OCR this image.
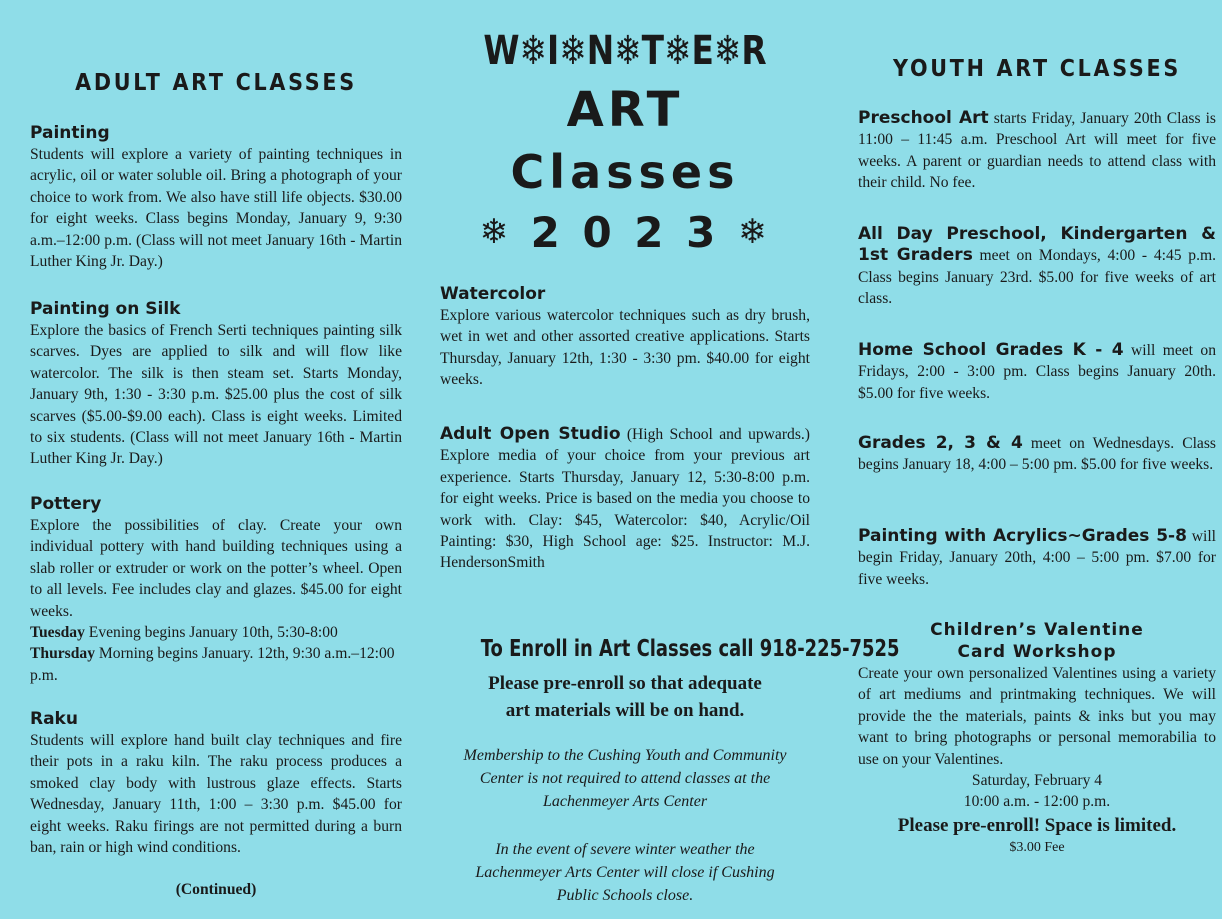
ADULT ART CLASSES
Painting

Students will explore a variety of painting techniques in acrylic, oil or water soluble oil. Bring a photograph of your choice to work from. We also have still life objects. $30.00 for eight weeks. Class begins Monday, January 9, 9:30 a.m.–12:00 p.m. (Class will not meet January 16th - Martin Luther King Jr. Day.)

Painting on Silk

Explore the basics of French Serti techniques painting silk scarves. Dyes are applied to silk and will flow like watercolor. The silk is then steam set. Starts Monday, January 9th, 1:30 - 3:30 p.m. $25.00 plus the cost of silk scarves ($5.00-$9.00 each). Class is eight weeks. Limited to six students. (Class will not meet January 16th - Martin Luther King Jr. Day.)

Pottery

Explore the possibilities of clay. Create your own individual pottery with hand building techniques using a slab roller or extruder or work on the potter’s wheel. Open to all levels. Fee includes clay and glazes. $45.00 for eight weeks.

Tuesday Evening begins January 10th, 5:30-8:00

Thursday Morning begins January. 12th, 9:30 a.m.–12:00 p.m.

Raku

Students will explore hand built clay techniques and fire their pots in a raku kiln. The raku process produces a smoked clay body with lustrous glaze effects. Starts Wednesday, January 11th, 1:00 – 3:30 p.m. $45.00 for eight weeks. Raku firings are not permitted during a burn ban, rain or high wind conditions.

(Continued)
W❄I❄N❄T❄E❄R
ART
Classes
❄ 2 0 2 3 ❄
Watercolor

Explore various watercolor techniques such as dry brush, wet in wet and other assorted creative applications. Starts Thursday, January 12th, 1:30 - 3:30 pm. $40.00 for eight weeks.

Adult Open Studio (High School and upwards.) Explore media of your choice from your previous art experience. Starts Thursday, January 12, 5:30-8:00 p.m. for eight weeks. Price is based on the media you choose to work with. Clay: $45, Watercolor: $40, Acrylic/Oil Painting: $30, High School age: $25. Instructor: M.J. HendersonSmith

To Enroll in Art Classes call 918-225-7525
Please pre-enroll so that adequate
art materials will be on hand.
Membership to the Cushing Youth and Community Center is not required to attend classes at the Lachenmeyer Arts Center
In the event of severe winter weather the Lachenmeyer Arts Center will close if Cushing Public Schools close.
YOUTH ART CLASSES

Preschool Art starts Friday, January 20th Class is 11:00 – 11:45 a.m. Preschool Art will meet for five weeks. A parent or guardian needs to attend class with their child. No fee.

All Day Preschool, Kindergarten & 1st Graders meet on Mondays, 4:00 - 4:45 p.m. Class begins January 23rd. $5.00 for five weeks of art class.

Home School Grades K - 4 will meet on Fridays, 2:00 - 3:00 pm. Class begins January 20th. $5.00 for five weeks.

Grades 2, 3 & 4 meet on Wednesdays. Class begins January 18, 4:00 – 5:00 pm. $5.00 for five weeks.

Painting with Acrylics~Grades 5-8 will begin Friday, January 20th, 4:00 – 5:00 pm. $7.00 for five weeks.

Children’s Valentine
Card Workshop

Create your own personalized Valentines using a variety of art mediums and printmaking techniques. We will provide the the materials, paints & inks but you may want to bring photographs or personal memorabilia to use on your Valentines.

Saturday, February 4

10:00 a.m. - 12:00 p.m.

Please pre-enroll! Space is limited.

$3.00 Fee
